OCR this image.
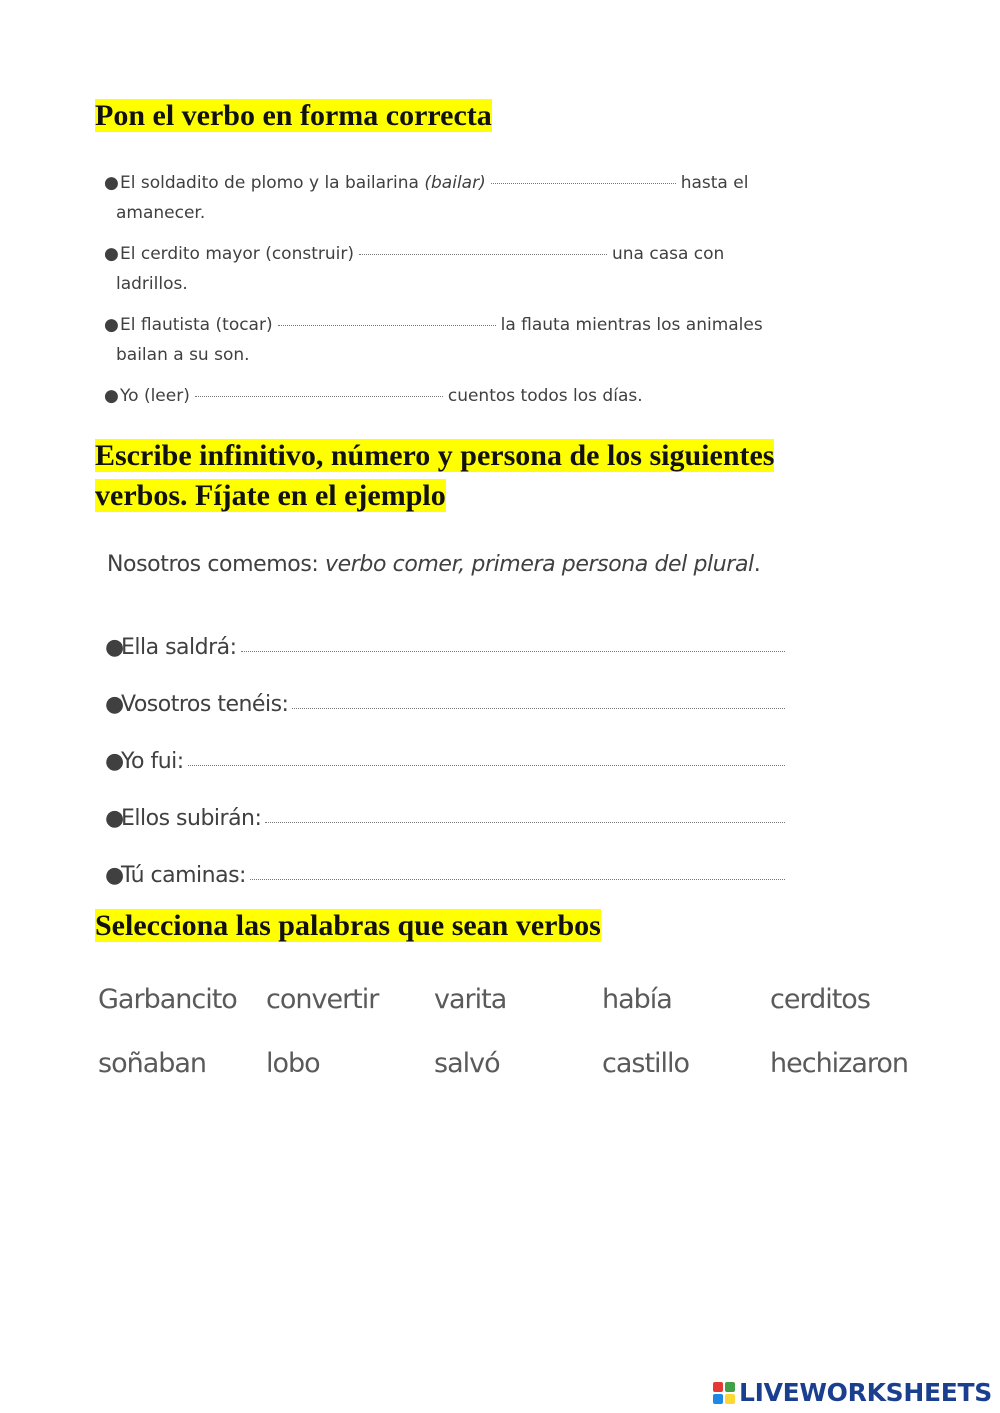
Pon el verbo en forma correcta
●El soldadito de plomo y la bailarina (bailar)	hasta el
amanecer.
●El cerdito mayor (construir)	una casa con
ladrillos.
●El flautista (tocar)	la flauta mientras los animales
bailan a su son.
●Yo (leer)	cuentos todos los días.
Escribe infinitivo, número y persona de los siguientes
verbos. Fíjate en el ejemplo
Nosotros comemos: verbo comer, primera persona del plural.
●
Ella saldrá:
●
Vosotros tenéis:
●
Yo fui:
●
Ellos subirán:
●
Tú caminas:
Selecciona las palabras que sean verbos
Garbancito	convertir	varita	había	cerditos
soñaban	lobo	salvó	castillo	hechizaron
LIVEWORKSHEETS
